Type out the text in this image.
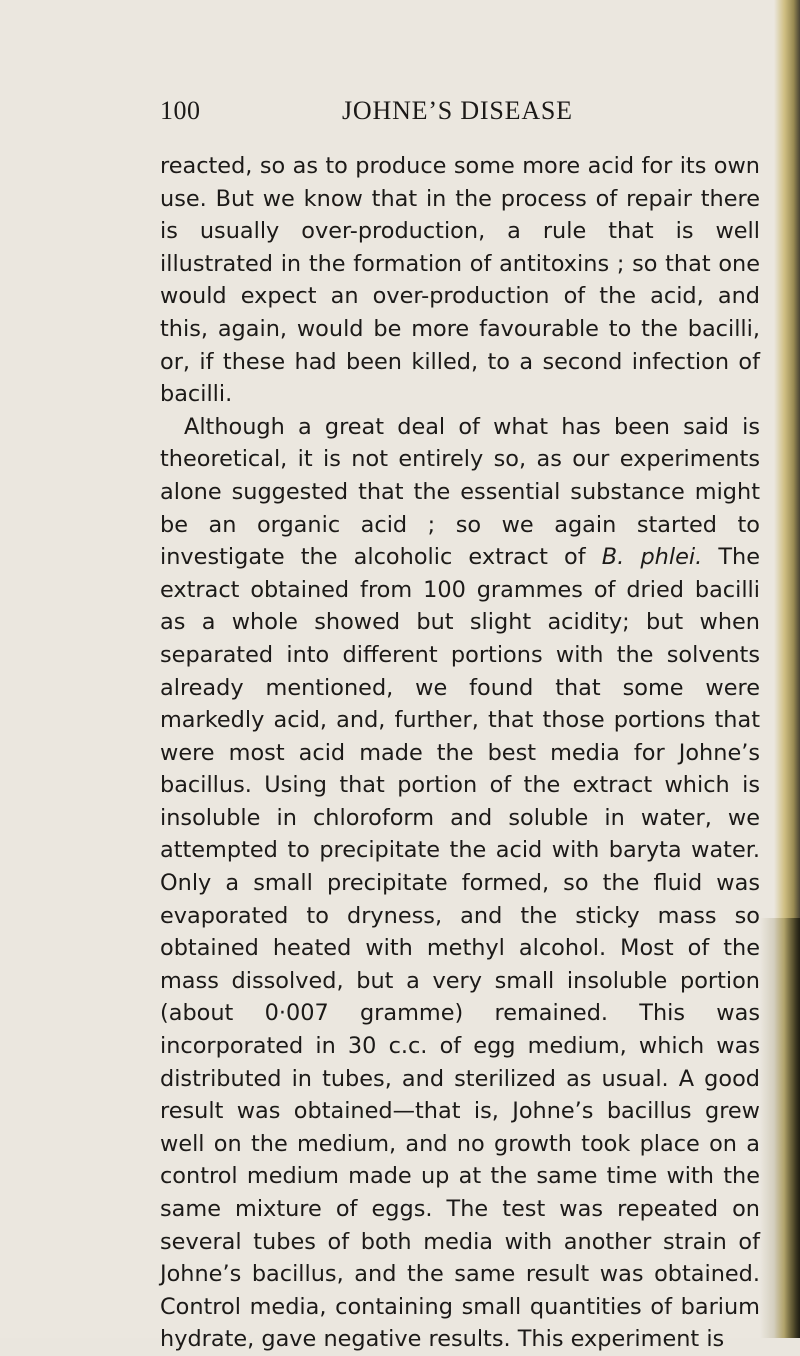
100	JOHNE’S DISEASE

reacted, so as to produce some more acid for its own use. But we know that in the process of repair there is usually over-production, a rule that is well illustrated in the formation of antitoxins ; so that one would expect an over-production of the acid, and this, again, would be more favourable to the bacilli, or, if these had been killed, to a second infection of bacilli.

Although a great deal of what has been said is theoretical, it is not entirely so, as our experiments alone suggested that the essential substance might be an organic acid ; so we again started to investigate the alcoholic extract of B. phlei. The extract obtained from 100 grammes of dried bacilli as a whole showed but slight acidity; but when separated into different portions with the solvents already mentioned, we found that some were markedly acid, and, further, that those portions that were most acid made the best media for Johne’s bacillus. Using that portion of the extract which is insoluble in chloroform and soluble in water, we attempted to precipitate the acid with baryta water. Only a small precipitate formed, so the fluid was evaporated to dryness, and the sticky mass so obtained heated with methyl alcohol. Most of the mass dissolved, but a very small insoluble portion (about 0·007 gramme) remained. This was incorporated in 30 c.c. of egg medium, which was distributed in tubes, and sterilized as usual. A good result was obtained—that is, Johne’s bacillus grew well on the medium, and no growth took place on a control medium made up at the same time with the same mixture of eggs. The test was repeated on several tubes of both media with another strain of Johne’s bacillus, and the same result was obtained. Control media, containing small quantities of barium hydrate, gave negative results. This experiment is
